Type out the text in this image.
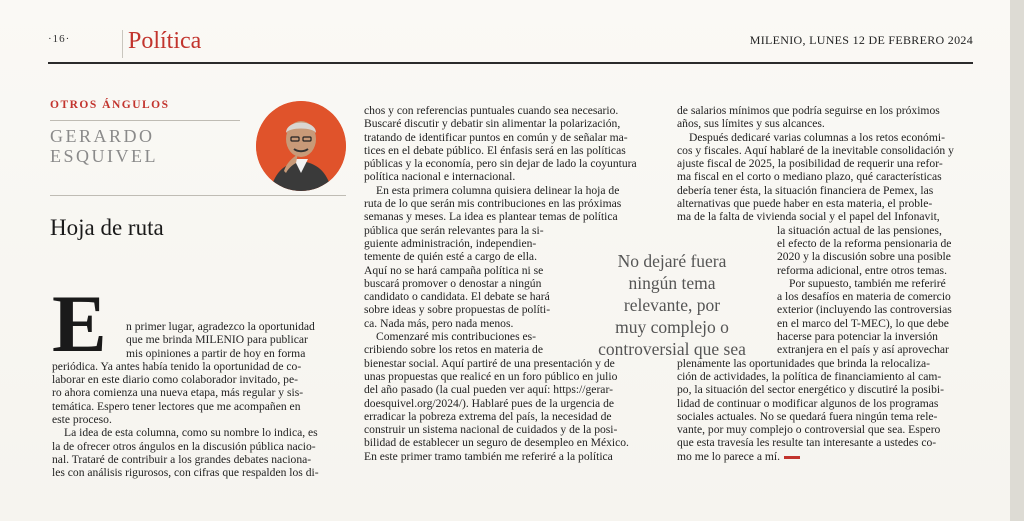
·16· Política	MILENIO, LUNES 12 DE FEBRERO 2024
OTROS ÁNGULOS
GERARDO
ESQUIVEL
Hoja de ruta
E	n primer lugar, agradezco la oportunidad

que me brinda MILENIO para publicar

mis opiniones a partir de hoy en forma

periódica. Ya antes había tenido la oportunidad de co-

laborar en este diario como colaborador invitado, pe-

ro ahora comienza una nueva etapa, más regular y sis-

temática. Espero tener lectores que me acompañen en

este proceso.

La idea de esta columna, como su nombre lo indica, es

la de ofrecer otros ángulos en la discusión pública nacio-

nal. Trataré de contribuir a los grandes debates naciona-

les con análisis rigurosos, con cifras que respalden los di-

chos y con referencias puntuales cuando sea necesario.

Buscaré discutir y debatir sin alimentar la polarización,

tratando de identificar puntos en común y de señalar ma-

tices en el debate público. El énfasis será en las políticas

públicas y la economía, pero sin dejar de lado la coyuntura

política nacional e internacional.

En esta primera columna quisiera delinear la hoja de

ruta de lo que serán mis contribuciones en las próximas

semanas y meses. La idea es plantear temas de política

pública que serán relevantes para la si-

guiente administración, independien-

temente de quién esté a cargo de ella.

Aquí no se hará campaña política ni se

buscará promover o denostar a ningún

candidato o candidata. El debate se hará

sobre ideas y sobre propuestas de políti-

ca. Nada más, pero nada menos.

Comenzaré mis contribuciones es-

cribiendo sobre los retos en materia de

bienestar social. Aquí partiré de una presentación y de

unas propuestas que realicé en un foro público en julio

del año pasado (la cual pueden ver aquí: https://gerar-

doesquivel.org/2024/). Hablaré pues de la urgencia de

erradicar la pobreza extrema del país, la necesidad de

construir un sistema nacional de cuidados y de la posi-

bilidad de establecer un seguro de desempleo en México.

En este primer tramo también me referiré a la política

No dejaré fuera

ningún tema

relevante, por

muy complejo o

controversial que sea

de salarios mínimos que podría seguirse en los próximos

años, sus límites y sus alcances.

Después dedicaré varias columnas a los retos económi-

cos y fiscales. Aquí hablaré de la inevitable consolidación y

ajuste fiscal de 2025, la posibilidad de requerir una refor-

ma fiscal en el corto o mediano plazo, qué características

debería tener ésta, la situación financiera de Pemex, las

alternativas que puede haber en esta materia, el proble-

ma de la falta de vivienda social y el papel del Infonavit,

la situación actual de las pensiones,

el efecto de la reforma pensionaria de

2020 y la discusión sobre una posible

reforma adicional, entre otros temas.

Por supuesto, también me referiré

a los desafíos en materia de comercio

exterior (incluyendo las controversias

en el marco del T-MEC), lo que debe

hacerse para potenciar la inversión

extranjera en el país y así aprovechar

plenamente las oportunidades que brinda la relocaliza-

ción de actividades, la política de financiamiento al cam-

po, la situación del sector energético y discutiré la posibi-

lidad de continuar o modificar algunos de los programas

sociales actuales. No se quedará fuera ningún tema rele-

vante, por muy complejo o controversial que sea. Espero

que esta travesía les resulte tan interesante a ustedes co-

mo me lo parece a mí.
